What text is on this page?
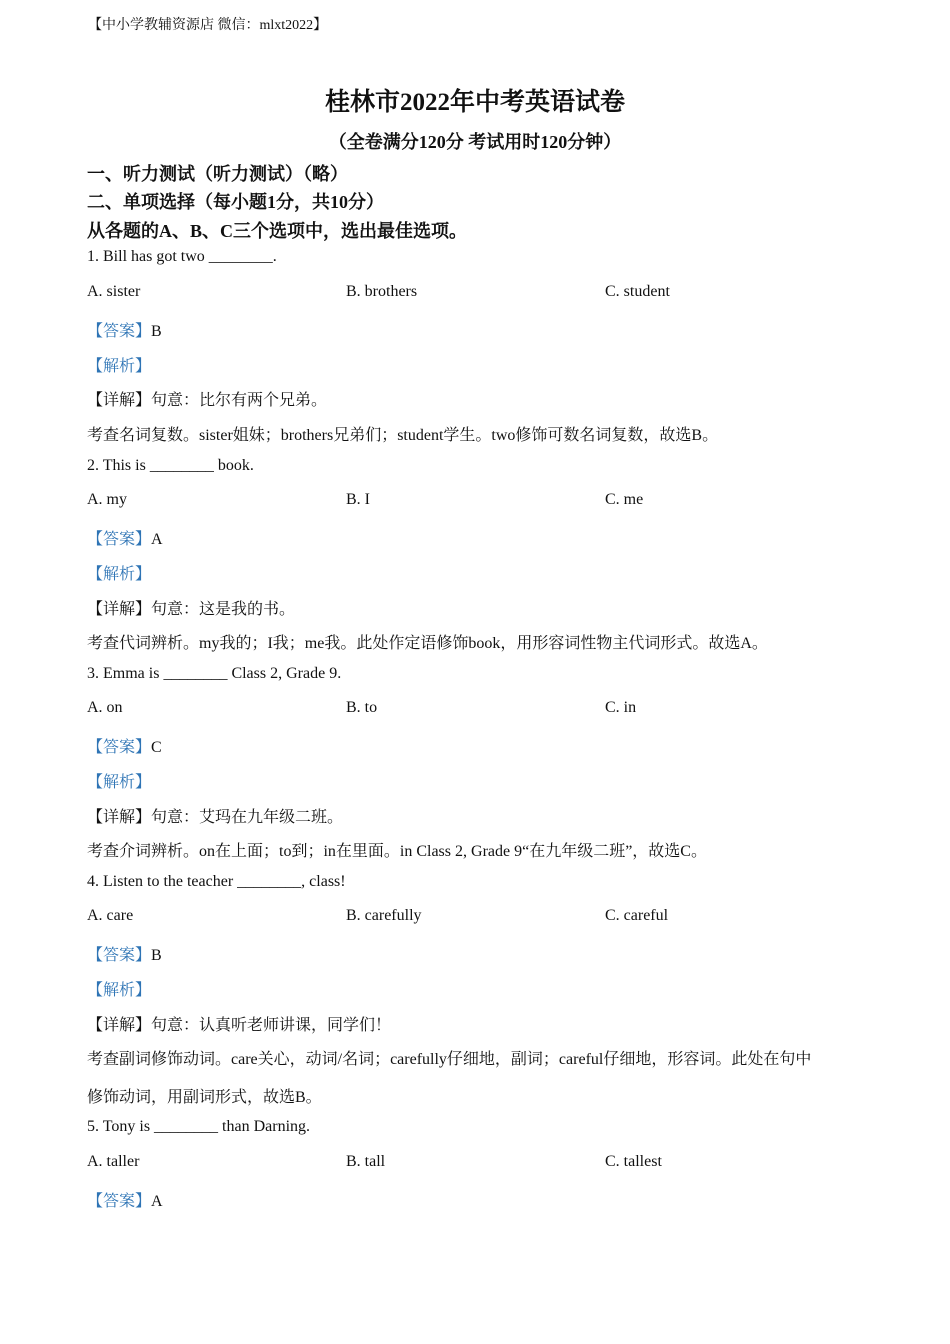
【中小学教辅资源店 微信：mlxt2022】
桂林市2022年中考英语试卷
（全卷满分120分 考试用时120分钟）
一、听力测试（听力测试）（略）
二、单项选择（每小题1分，共10分）
从各题的A、B、C三个选项中，选出最佳选项。
1. Bill has got two ________.
A. sister	B. brothers	C. student
【答案】B
【解析】
【详解】句意：比尔有两个兄弟。
考查名词复数。sister姐妹；brothers兄弟们；student学生。two修饰可数名词复数，故选B。
2. This is ________ book.
A. my	B. I	C. me
【答案】A
【解析】
【详解】句意：这是我的书。
考查代词辨析。my我的；I我；me我。此处作定语修饰book，用形容词性物主代词形式。故选A。
3. Emma is ________ Class 2, Grade 9.
A. on	B. to	C. in
【答案】C
【解析】
【详解】句意：艾玛在九年级二班。
考查介词辨析。on在上面；to到；in在里面。in Class 2, Grade 9“在九年级二班”，故选C。
4. Listen to the teacher ________, class!
A. care	B. carefully	C. careful
【答案】B
【解析】
【详解】句意：认真听老师讲课，同学们！
考查副词修饰动词。care关心，动词/名词；carefully仔细地，副词；careful仔细地，形容词。此处在句中
修饰动词，用副词形式，故选B。
5. Tony is ________ than Darning.
A. taller	B. tall	C. tallest
【答案】A
